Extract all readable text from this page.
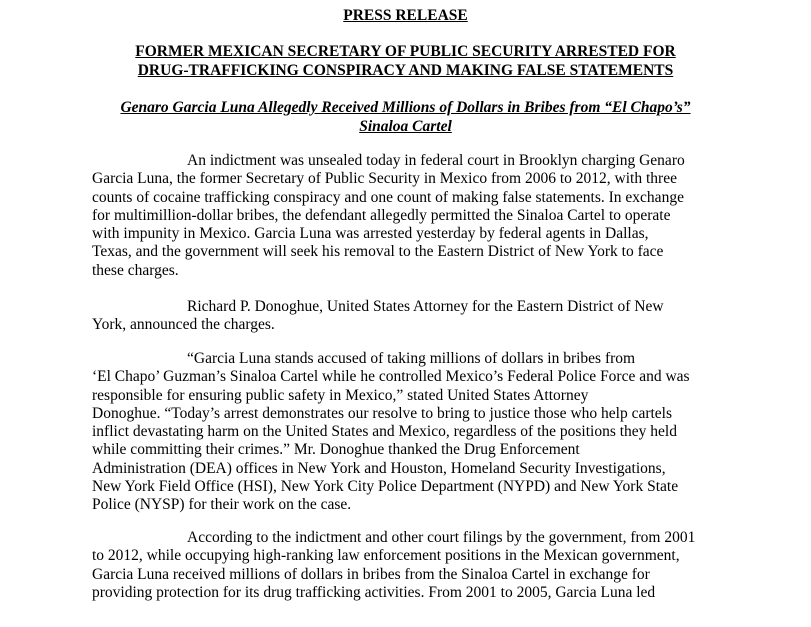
PRESS RELEASE

FORMER MEXICAN SECRETARY OF PUBLIC SECURITY ARRESTED FOR
DRUG-TRAFFICKING CONSPIRACY AND MAKING FALSE STATEMENTS
Genaro Garcia Luna Allegedly Received Millions of Dollars in Bribes from “El Chapo’s”
Sinaloa Cartel

An indictment was unsealed today in federal court in Brooklyn charging Genaro
Garcia Luna, the former Secretary of Public Security in Mexico from 2006 to 2012, with three
counts of cocaine trafficking conspiracy and one count of making false statements. In exchange
for multimillion-dollar bribes, the defendant allegedly permitted the Sinaloa Cartel to operate
with impunity in Mexico. Garcia Luna was arrested yesterday by federal agents in Dallas,
Texas, and the government will seek his removal to the Eastern District of New York to face
these charges.

Richard P. Donoghue, United States Attorney for the Eastern District of New
York, announced the charges.

“Garcia Luna stands accused of taking millions of dollars in bribes from
‘El Chapo’ Guzman’s Sinaloa Cartel while he controlled Mexico’s Federal Police Force and was
responsible for ensuring public safety in Mexico,” stated United States Attorney
Donoghue. “Today’s arrest demonstrates our resolve to bring to justice those who help cartels
inflict devastating harm on the United States and Mexico, regardless of the positions they held
while committing their crimes.” Mr. Donoghue thanked the Drug Enforcement
Administration (DEA) offices in New York and Houston, Homeland Security Investigations,
New York Field Office (HSI), New York City Police Department (NYPD) and New York State
Police (NYSP) for their work on the case.

According to the indictment and other court filings by the government, from 2001
to 2012, while occupying high-ranking law enforcement positions in the Mexican government,
Garcia Luna received millions of dollars in bribes from the Sinaloa Cartel in exchange for
providing protection for its drug trafficking activities. From 2001 to 2005, Garcia Luna led
